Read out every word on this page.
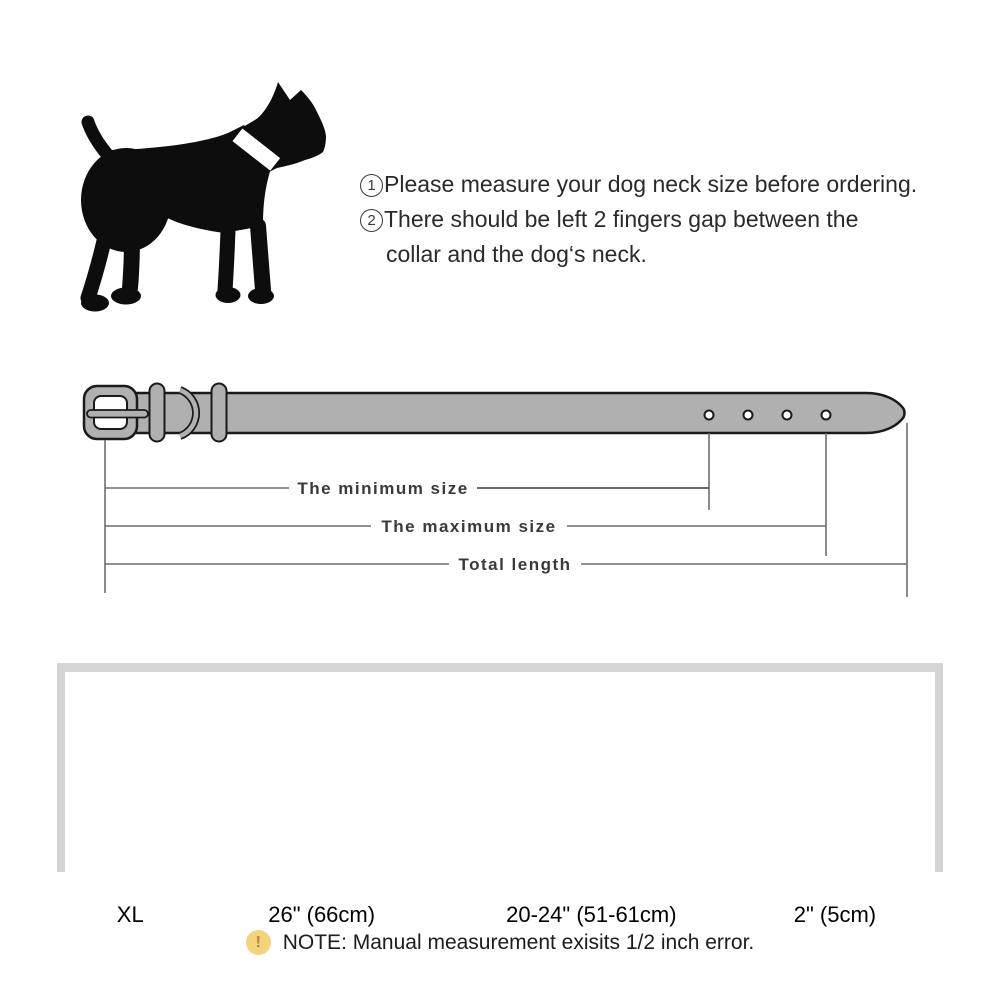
1 Please measure your dog neck size before ordering.
2 There should be left 2 fingers gap between the
collar and the dog‘s neck.
The minimum size
The maximum size
Total length
XL	26" (66cm)	20-24" (51-61cm)	2" (5cm)
!	NOTE: Manual measurement exisits 1/2 inch error.
